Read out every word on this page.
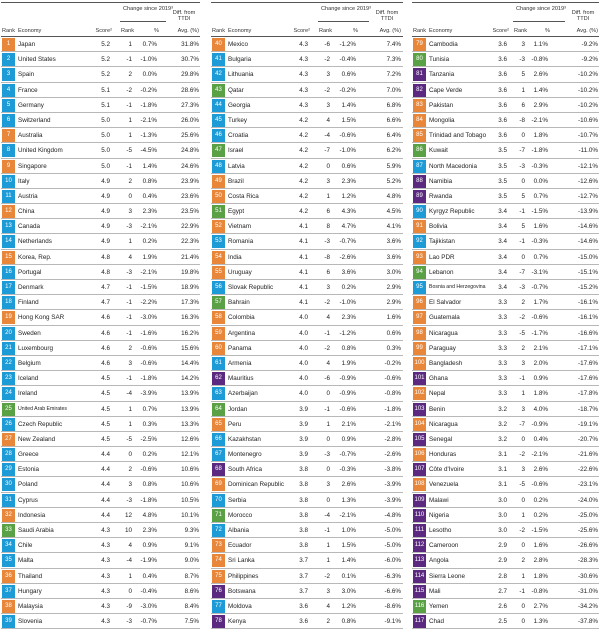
Rank Economy	Score²
Change since 2019³
Rank	%
Diff. from TTDI
Avg. (%)
1	Japan	5.2	1 0.7%	31.8%
2	United States	5.2	-1 -1.0%	30.7%
3	Spain	5.2	2 0.0%	29.8%
4	France	5.1	-2 -0.2%	28.6%
5	Germany	5.1	-1 -1.8%	27.3%
6	Switzerland	5.0	1 -2.1%	26.0%
7	Australia	5.0	1 -1.3%	25.6%
8	United Kingdom	5.0	-5 -4.5%	24.8%
9	Singapore	5.0	-1 1.4%	24.6%
10 Italy	4.9	2 0.8%	23.9%
11	Austria	4.9	0 0.4%	23.6%
12 China	4.9	3 2.3%	23.5%
13 Canada	4.9	-3 -2.1%	22.9%
14 Netherlands	4.9	1 0.2%	22.3%
15 Korea, Rep.	4.8	4 1.9%	21.4%
16 Portugal	4.8	-3 -2.1%	19.8%
17 Denmark	4.7	-1 -1.5%	18.9%
18 Finland	4.7	-1 -2.2%	17.3%
19 Hong Kong SAR	4.6	-1 -3.0%	16.3%
20 Sweden	4.6	-1 -1.6%	16.2%
21 Luxembourg	4.6	2 -0.6%	15.6%
22 Belgium	4.6	3 -0.6%	14.4%
23 Iceland	4.5	-1 -1.8%	14.2%
24 Ireland	4.5	-4 -3.9%	13.9%
25	United Arab Emirates	4.5	1 0.7%	13.9%
26 Czech Republic	4.5	1 0.3%	13.3%
27 New Zealand	4.5	-5 -2.5%	12.6%
28 Greece	4.4	0 0.2%	12.1%
29 Estonia	4.4	2 -0.6%	10.6%
30 Poland	4.4	3 0.8%	10.6%
31 Cyprus	4.4	-3 -1.8%	10.5%
32 Indonesia	4.4 12 4.8%	10.1%
33 Saudi Arabia	4.3 10 2.3%	9.3%
34 Chile	4.3	4 0.9%	9.1%
35 Malta	4.3	-4 -1.9%	9.0%
36 Thailand	4.3	1 0.4%	8.7%
37 Hungary	4.3	0 -0.4%	8.6%
38 Malaysia	4.3	-9 -3.0%	8.4%
39 Slovenia	4.3	-3 -0.7%	7.5%
Rank Economy	Score²
Change since 2019³
Rank	%
Diff. from TTDI
Avg. (%)
40 Mexico	4.3	-6 -1.2%	7.4%
41 Bulgaria	4.3	-2 -0.4%	7.3%
42 Lithuania	4.3	3 0.6%	7.2%
43 Qatar	4.3	-2 -0.2%	7.0%
44 Georgia	4.3	3 1.4%	6.8%
45 Turkey	4.2	4 1.5%	6.6%
46 Croatia	4.2	-4 -0.6%	6.4%
47 Israel	4.2	-7 -1.0%	6.2%
48 Latvia	4.2	0 0.6%	5.9%
49 Brazil	4.2	3 2.3%	5.2%
50 Costa Rica	4.2	1 1.2%	4.8%
51 Egypt	4.2	6 4.3%	4.5%
52 Vietnam	4.1	8 4.7%	4.1%
53 Romania	4.1	-3 -0.7%	3.6%
54 India	4.1	-8 -2.6%	3.6%
55 Uruguay	4.1	6 3.6%	3.0%
56 Slovak Republic	4.1	3 0.2%	2.9%
57 Bahrain	4.1	-2 -1.0%	2.9%
58 Colombia	4.0	4 2.3%	1.6%
59 Argentina	4.0	-1 -1.2%	0.6%
60 Panama	4.0	-2 0.8%	0.3%
61 Armenia	4.0	4 1.9%	-0.2%
62 Mauritius	4.0	-6 -0.9%	-0.6%
63 Azerbaijan	4.0	0 -0.9%	-0.8%
64 Jordan	3.9	-1 -0.6%	-1.8%
65 Peru	3.9	1 2.1%	-2.1%
66 Kazakhstan	3.9	0 0.9%	-2.8%
67 Montenegro	3.9	-3 -0.7%	-2.6%
68 South Africa	3.8	0 -0.3%	-3.8%
69 Dominican Republic	3.8	3 2.6%	-3.9%
70 Serbia	3.8	0 1.3%	-3.9%
71 Morocco	3.8	-4 -2.1%	-4.8%
72 Albania	3.8	-1 1.0%	-5.0%
73 Ecuador	3.8	1 1.5%	-5.0%
74 Sri Lanka	3.7	1 1.4%	-6.0%
75 Philippines	3.7	-2 0.1%	-6.3%
76 Botswana	3.7	3 3.0%	-6.6%
77 Moldova	3.6	4 1.2%	-8.6%
78 Kenya	3.6	2 0.8%	-9.1%
Rank Economy	Score²
Change since 2019³
Rank	%
Diff. from TTDI
Avg. (%)
79 Cambodia	3.6 3 1.1%	-9.2%
80 Tunisia	3.6 -3 -0.8%	-9.2%
81 Tanzania	3.6 5 2.6%	-10.2%
82 Cape Verde	3.6 1 1.4%	-10.2%
83 Pakistan	3.6 6 2.9%	-10.2%
84 Mongolia	3.6 -8 -2.1%	-10.6%
85 Trinidad and Tobago	3.6 0 1.8%	-10.7%
86 Kuwait	3.5 -7 -1.8%	-11.0%
87 North Macedonia	3.5 -3 -0.3%	-12.1%
88 Namibia	3.5 0 0.0%	-12.6%
89 Rwanda	3.5 5 0.7%	-12.7%
90 Kyrgyz Republic	3.4 -1 -1.5%	-13.9%
91 Bolivia	3.4 5 1.6%	-14.6%
92 Tajikistan	3.4 -1 -0.3%	-14.6%
93 Lao PDR	3.4 0 0.7%	-15.0%
94 Lebanon	3.4 -7 -3.1%	-15.1%
95	Bosnia and Herzegovina	3.4 -3 -0.7%	-15.2%
96 El Salvador	3.3 2 1.7%	-16.1%
97 Guatemala	3.3 -2 -0.6%	-16.1%
98 Nicaragua	3.3 -5 -1.7%	-16.6%
99 Paraguay	3.3 2 2.1%	-17.1%
100 Bangladesh	3.3 3 2.0%	-17.6%
101 Ghana	3.3 -1 0.9%	-17.6%
102 Nepal	3.3 1 1.8%	-17.8%
103 Benin	3.2 3 4.0%	-18.7%
104 Nicaragua	3.2 -7 -0.9%	-19.1%
105 Senegal	3.2 0 0.4%	-20.7%
106 Honduras	3.1 -2 -2.1%	-21.6%
107 Côte d'Ivoire	3.1 3 2.6%	-22.6%
108 Venezuela	3.1 -5 -0.6%	-23.1%
109 Malawi	3.0 0 0.2%	-24.0%
110 Nigeria	3.0 1 0.2%	-25.0%
111 Lesotho	3.0 -2 -1.5%	-25.6%
112 Cameroon	2.9 0 1.6%	-26.6%
113 Angola	2.9 2 2.8%	-28.3%
114 Sierra Leone	2.8 1 1.8%	-30.6%
115 Mali	2.7 -1 -0.8%	-31.0%
116 Yemen	2.6 0 2.7%	-34.2%
117 Chad	2.5 0 1.3%	-37.8%
